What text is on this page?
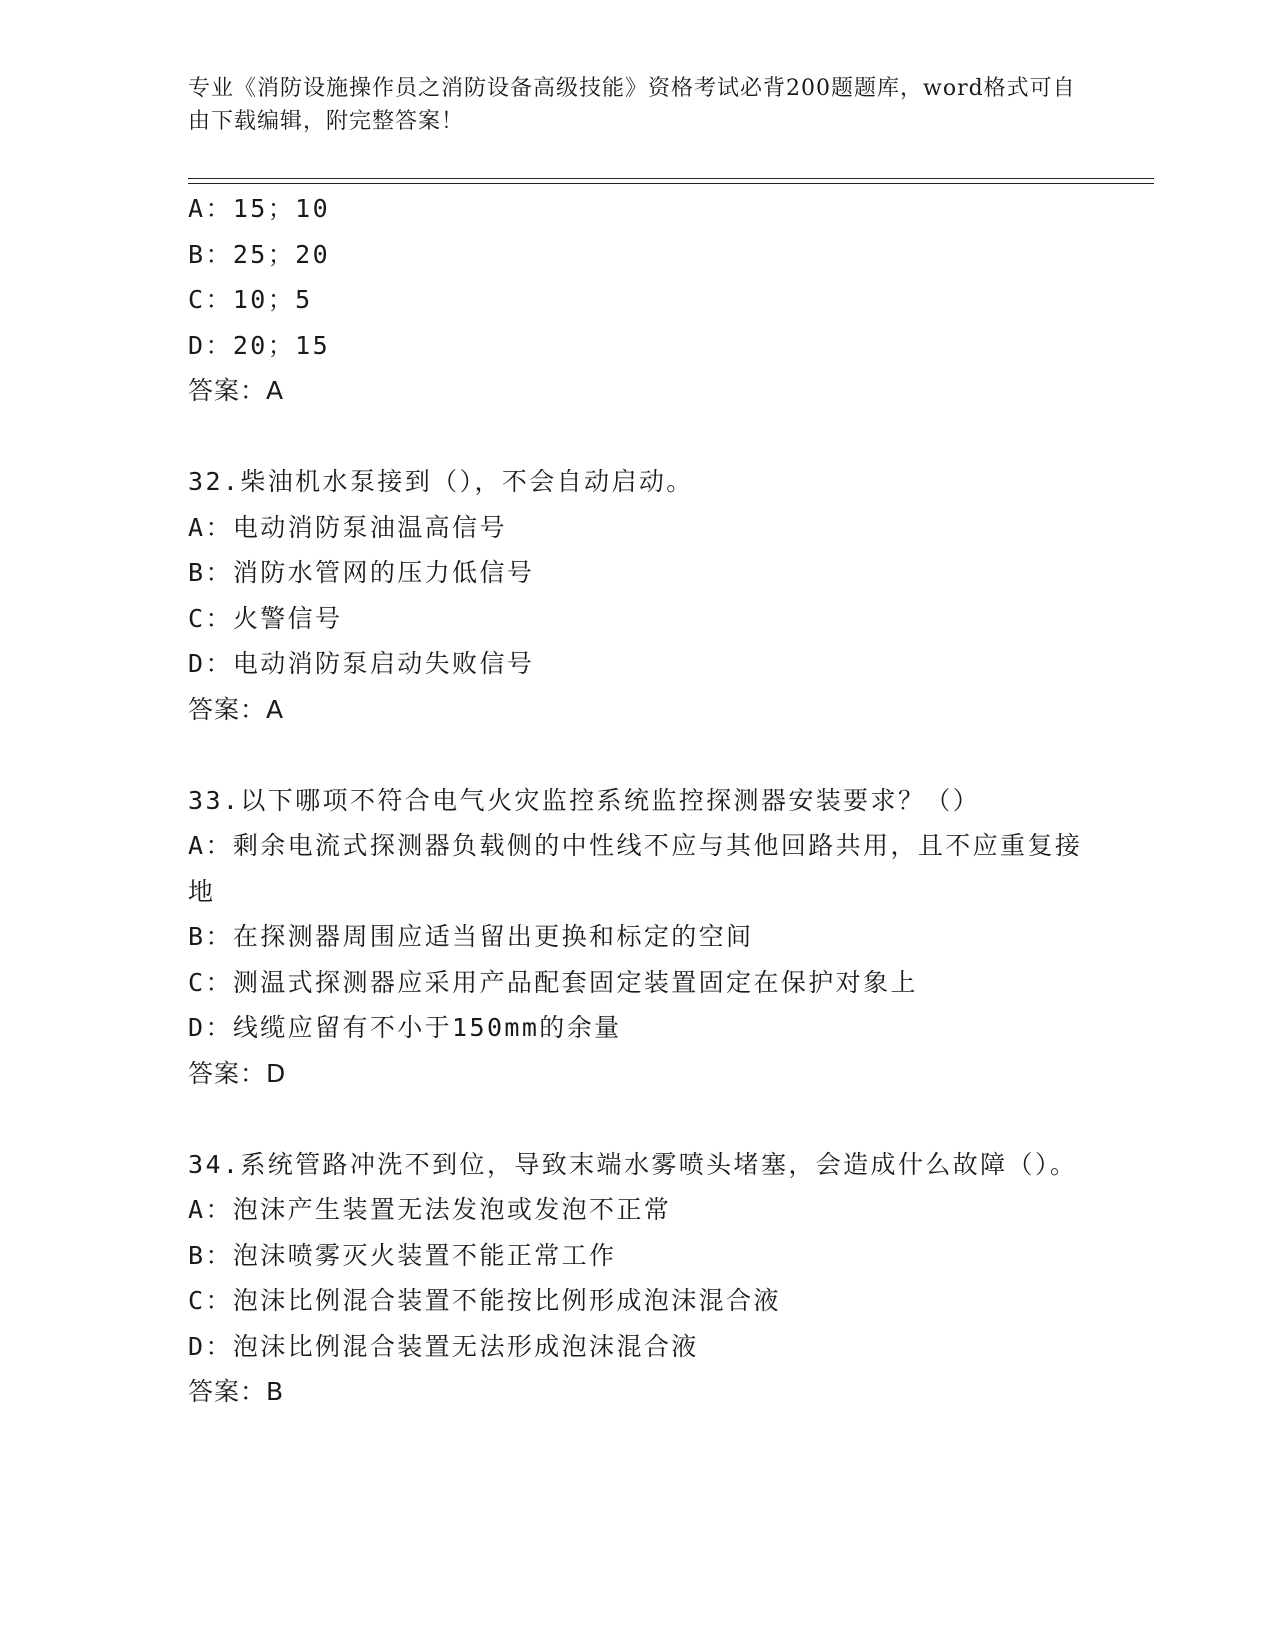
专业《消防设施操作员之消防设备高级技能》资格考试必背200题题库，word格式可自由下载编辑，附完整答案！
A：15；10
B：25；20
C：10；5
D：20；15
答案：A
32.柴油机水泵接到（），不会自动启动。
A：电动消防泵油温高信号
B：消防水管网的压力低信号
C：火警信号
D：电动消防泵启动失败信号
答案：A
33.以下哪项不符合电气火灾监控系统监控探测器安装要求？（）
A：剩余电流式探测器负载侧的中性线不应与其他回路共用，且不应重复接地
B：在探测器周围应适当留出更换和标定的空间
C：测温式探测器应采用产品配套固定装置固定在保护对象上
D：线缆应留有不小于150mm的余量
答案：D
34.系统管路冲洗不到位，导致末端水雾喷头堵塞，会造成什么故障（）。
A：泡沫产生装置无法发泡或发泡不正常
B：泡沫喷雾灭火装置不能正常工作
C：泡沫比例混合装置不能按比例形成泡沫混合液
D：泡沫比例混合装置无法形成泡沫混合液
答案：B
